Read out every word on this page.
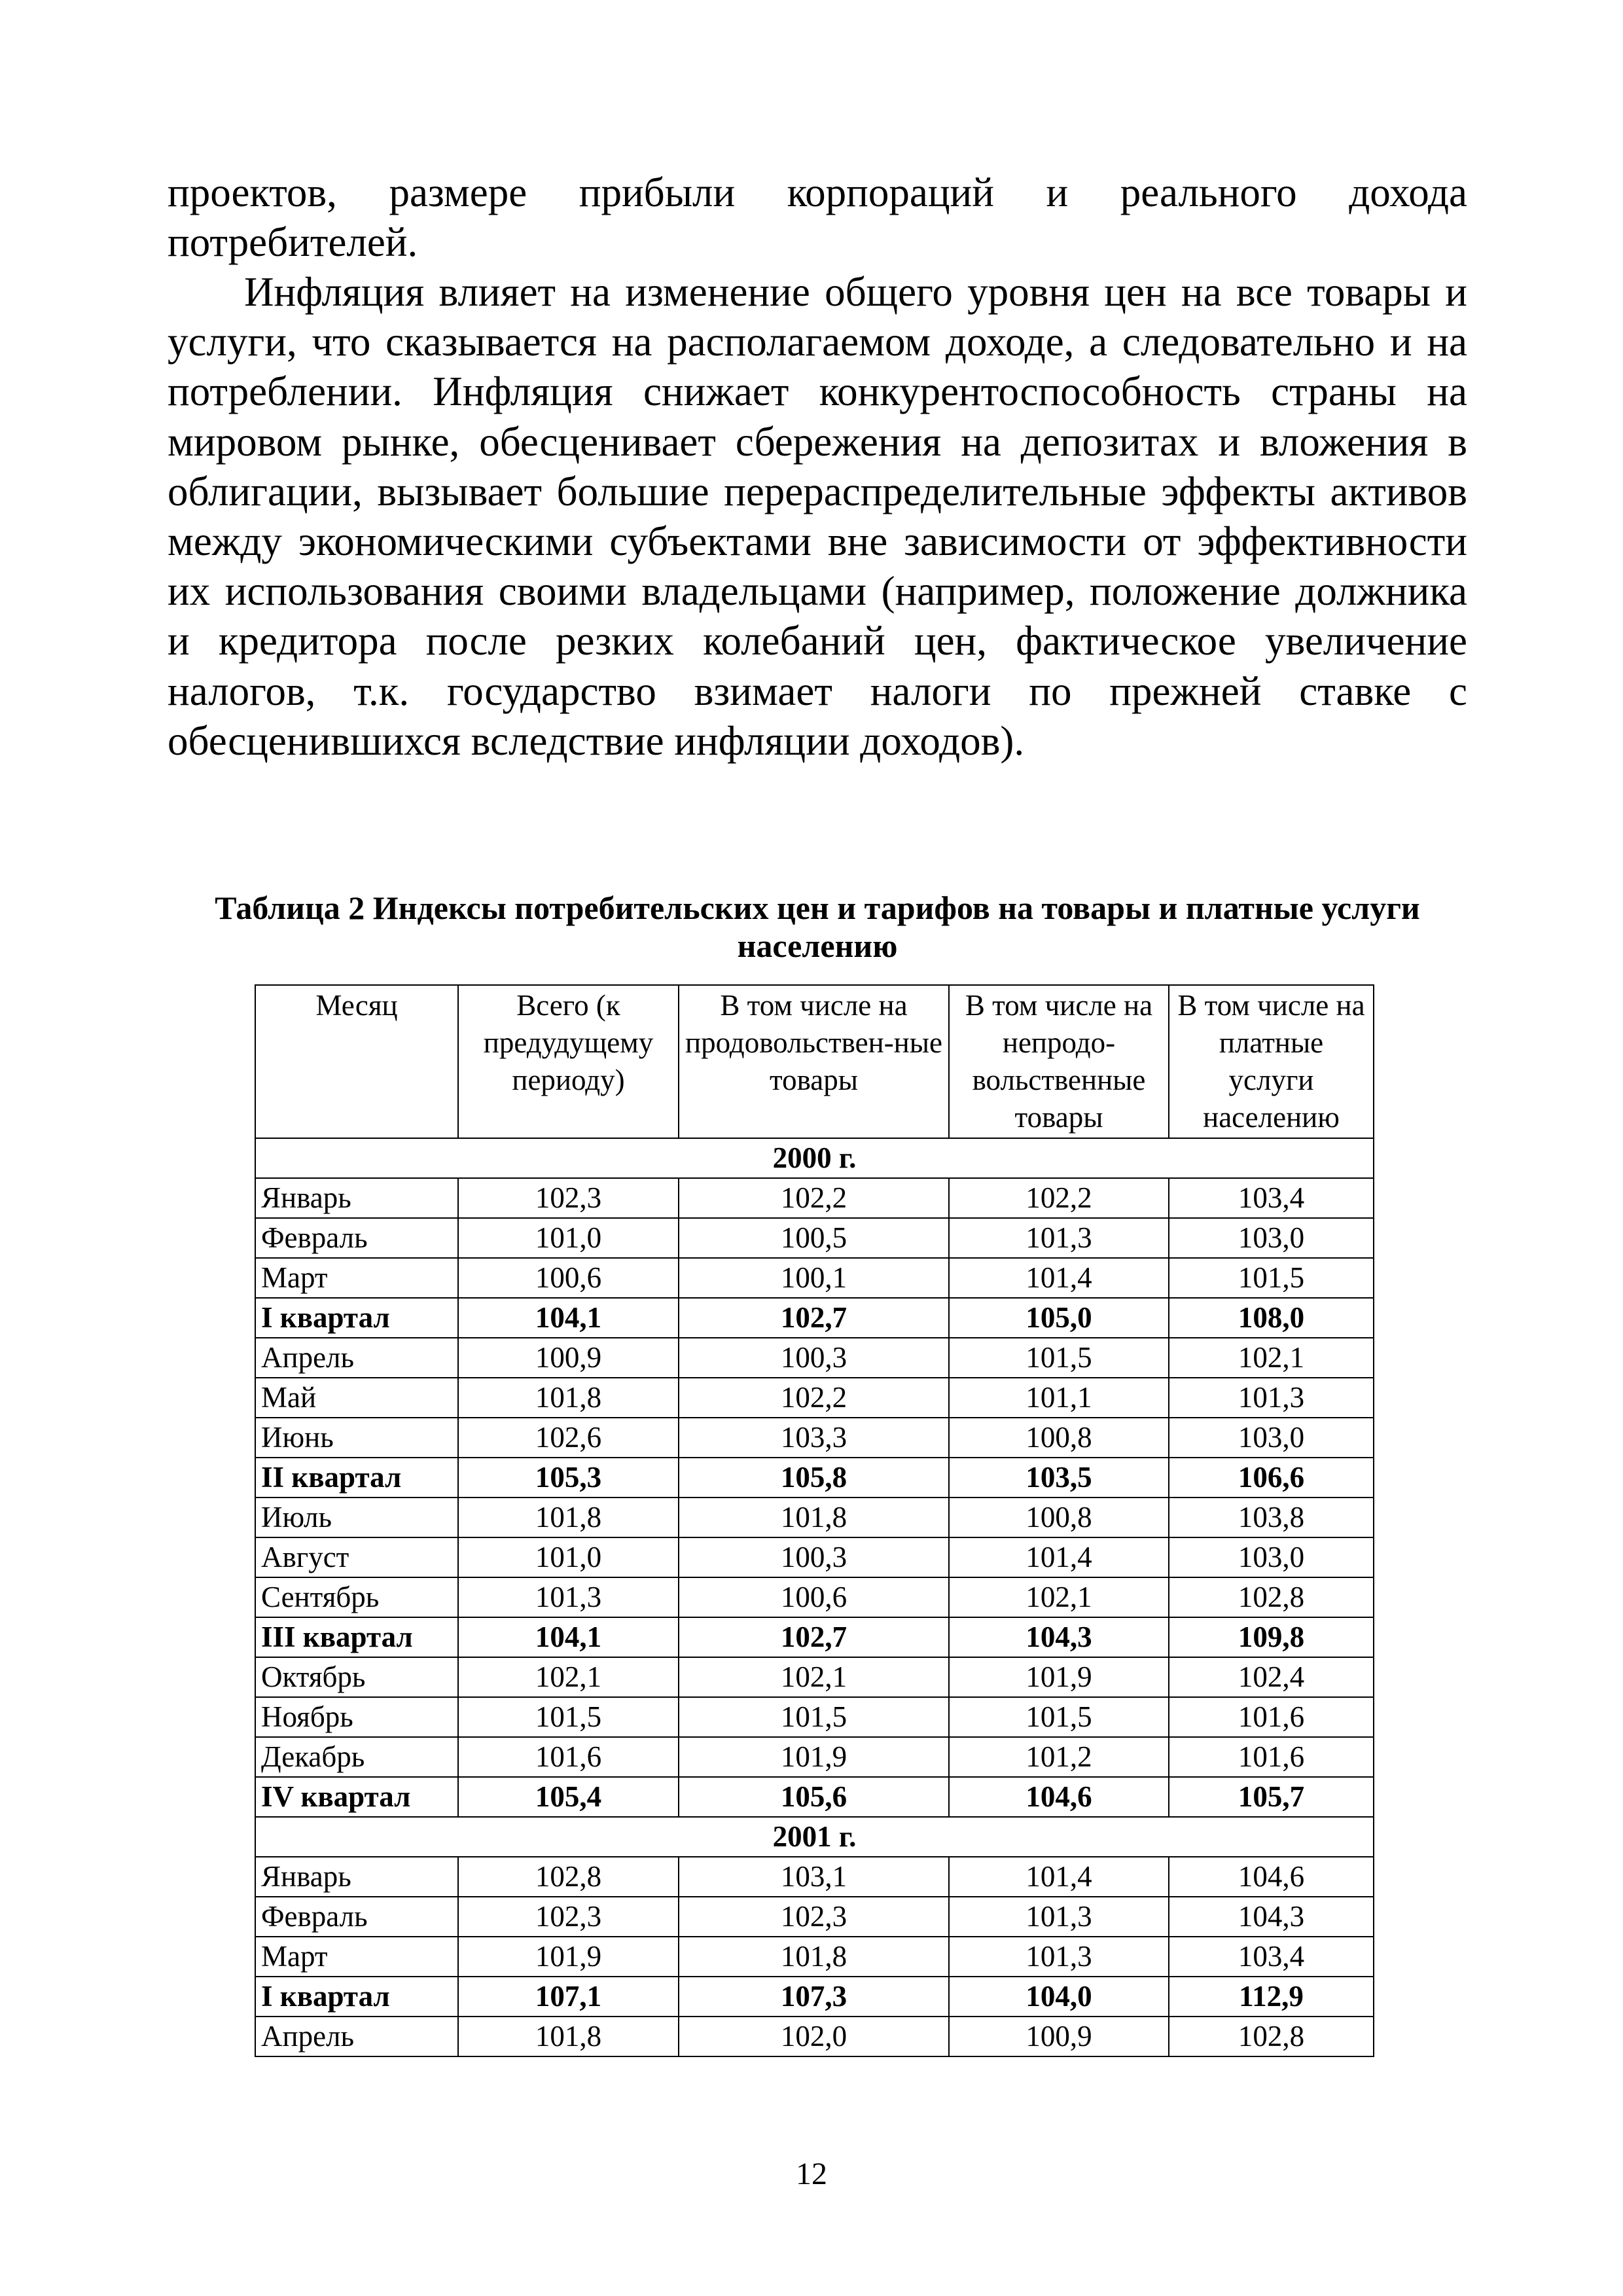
проектов, размере прибыли корпораций и реального дохода потребителей.

Инфляция влияет на изменение общего уровня цен на все товары и услуги, что сказывается на располагаемом доходе, а следовательно и на потреблении. Инфляция снижает конкурентоспособность страны на мировом рынке, обесценивает сбережения на депозитах и вложения в облигации, вызывает большие перераспределительные эффекты активов между экономическими субъектами вне зависимости от эффективности их использования своими владельцами (например, положение должника и кредитора после резких колебаний цен, фактическое увеличение налогов, т.к. государство взимает налоги по прежней ставке с обесценившихся вследствие инфляции доходов).

Таблица 2 Индексы потребительских цен и тарифов на товары и платные услуги населению

Месяц	Всего (к предудущему периоду)	В том числе на продовольствен-ные товары	В том числе на непродо-вольственные товары	В том числе на платные услуги населению
2000 г.				
Январь	102,3	102,2	102,2	103,4
Февраль	101,0	100,5	101,3	103,0
Март	100,6	100,1	101,4	101,5
I квартал	104,1	102,7	105,0	108,0
Апрель	100,9	100,3	101,5	102,1
Май	101,8	102,2	101,1	101,3
Июнь	102,6	103,3	100,8	103,0
II квартал	105,3	105,8	103,5	106,6
Июль	101,8	101,8	100,8	103,8
Август	101,0	100,3	101,4	103,0
Сентябрь	101,3	100,6	102,1	102,8
III квартал	104,1	102,7	104,3	109,8
Октябрь	102,1	102,1	101,9	102,4
Ноябрь	101,5	101,5	101,5	101,6
Декабрь	101,6	101,9	101,2	101,6
IV квартал	105,4	105,6	104,6	105,7
2001 г.				
Январь	102,8	103,1	101,4	104,6
Февраль	102,3	102,3	101,3	104,3
Март	101,9	101,8	101,3	103,4
I квартал	107,1	107,3	104,0	112,9
Апрель	101,8	102,0	100,9	102,8

12
